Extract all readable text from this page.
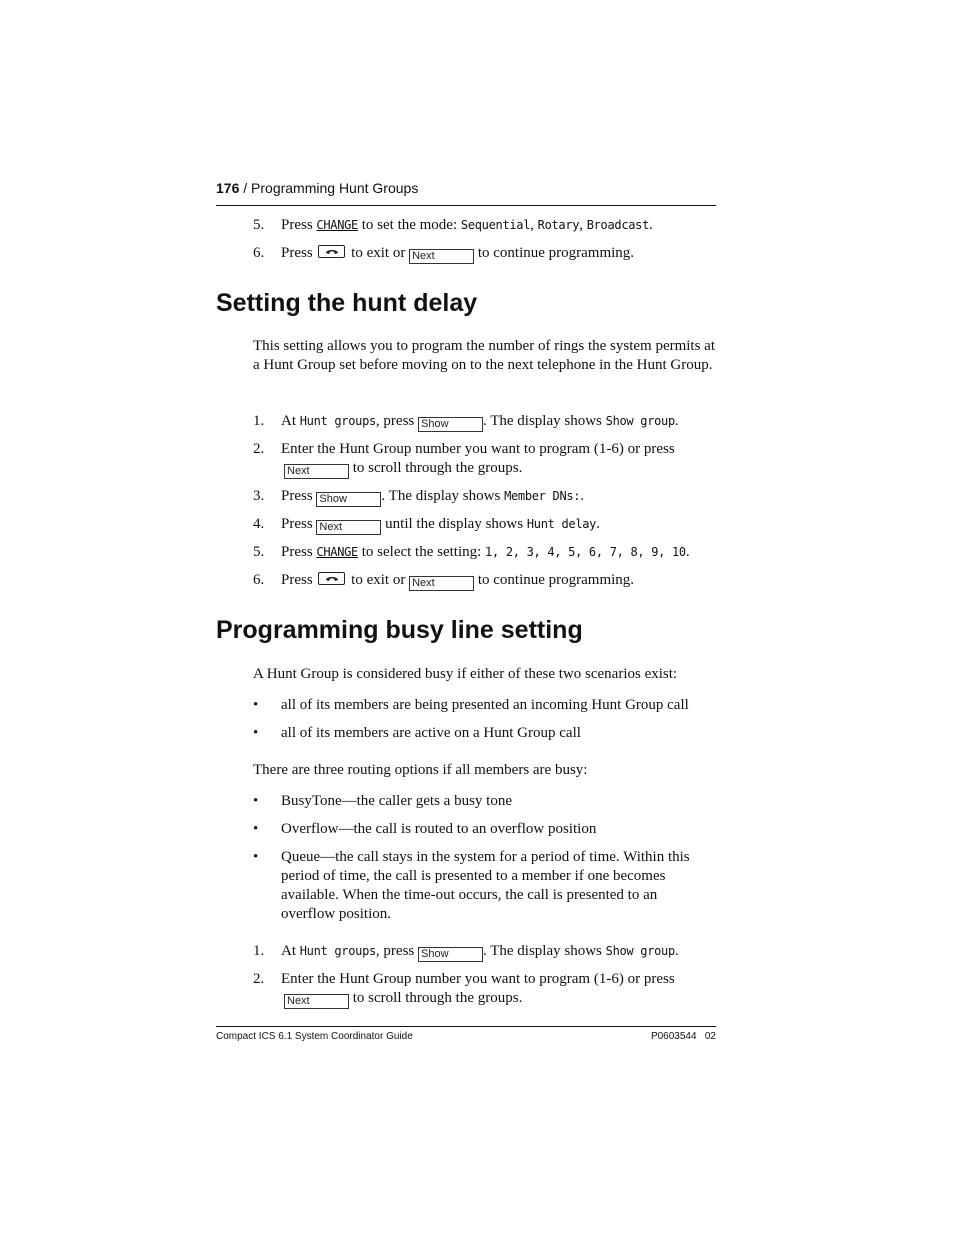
176 / Programming Hunt Groups
5. Press CHANGE to set the mode: Sequential, Rotary, Broadcast.
6. Press	to exit or Next	to continue programming.
Setting the hunt delay
This setting allows you to program the number of rings the system permits at a Hunt Group set before moving on to the next telephone in the Hunt Group.
1. At Hunt groups, press Show . The display shows Show group.
2. Enter the Hunt Group number you want to program (1-6) or press
Next	to scroll through the groups.
3. Press Show . The display shows Member DNs:.
4. Press Next	until the display shows Hunt delay.
5. Press CHANGE to select the setting: 1, 2, 3, 4, 5, 6, 7, 8, 9, 10.
6. Press	to exit or Next	to continue programming.
Programming busy line setting
A Hunt Group is considered busy if either of these two scenarios exist:
• all of its members are being presented an incoming Hunt Group call
• all of its members are active on a Hunt Group call
There are three routing options if all members are busy:
• BusyTone—the caller gets a busy tone
• Overflow—the call is routed to an overflow position
• Queue—the call stays in the system for a period of time. Within this period of time, the call is presented to a member if one becomes available. When the time-out occurs, the call is presented to an overflow position.
1. At Hunt groups, press Show . The display shows Show group.
2. Enter the Hunt Group number you want to program (1-6) or press
Next	to scroll through the groups.
Compact ICS 6.1 System Coordinator Guide	P0603544   02
